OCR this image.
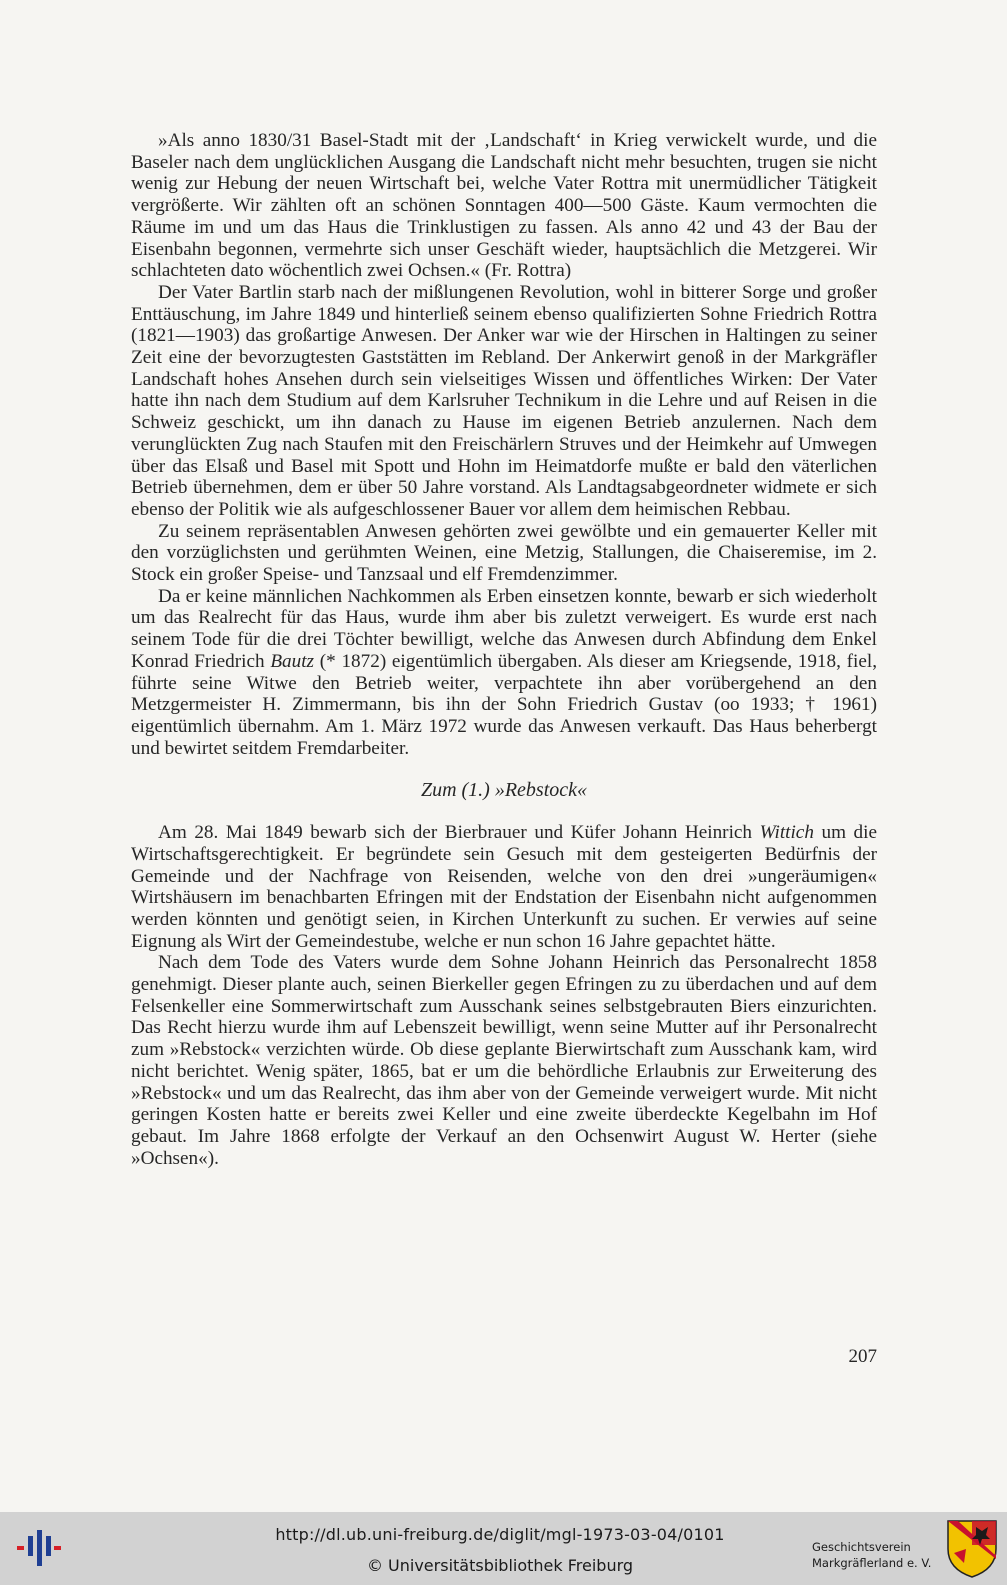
»Als anno 1830/31 Basel-Stadt mit der ‚Landschaft‘ in Krieg verwickelt wurde, und die Baseler nach dem unglücklichen Ausgang die Landschaft nicht mehr besuchten, trugen sie nicht wenig zur Hebung der neuen Wirtschaft bei, welche Vater Rottra mit unermüdlicher Tätigkeit vergrößerte. Wir zählten oft an schönen Sonntagen 400—500 Gäste. Kaum vermochten die Räume im und um das Haus die Trinklustigen zu fassen. Als anno 42 und 43 der Bau der Eisenbahn begonnen, vermehrte sich unser Geschäft wieder, hauptsächlich die Metzgerei. Wir schlachteten dato wöchentlich zwei Ochsen.« (Fr. Rottra)

Der Vater Bartlin starb nach der mißlungenen Revolution, wohl in bitterer Sorge und großer Enttäuschung, im Jahre 1849 und hinterließ seinem ebenso qualifizierten Sohne Friedrich Rottra (1821—1903) das großartige Anwesen. Der Anker war wie der Hirschen in Haltingen zu seiner Zeit eine der bevorzugtesten Gaststätten im Rebland. Der Ankerwirt genoß in der Markgräfler Landschaft hohes Ansehen durch sein vielseitiges Wissen und öffentliches Wirken: Der Vater hatte ihn nach dem Studium auf dem Karlsruher Technikum in die Lehre und auf Reisen in die Schweiz geschickt, um ihn danach zu Hause im eigenen Betrieb anzulernen. Nach dem verunglückten Zug nach Staufen mit den Freischärlern Struves und der Heimkehr auf Umwegen über das Elsaß und Basel mit Spott und Hohn im Heimatdorfe mußte er bald den väterlichen Betrieb übernehmen, dem er über 50 Jahre vorstand. Als Landtagsabgeordneter widmete er sich ebenso der Politik wie als aufgeschlossener Bauer vor allem dem heimischen Rebbau.

Zu seinem repräsentablen Anwesen gehörten zwei gewölbte und ein gemauerter Keller mit den vorzüglichsten und gerühmten Weinen, eine Metzig, Stallungen, die Chaiseremise, im 2. Stock ein großer Speise- und Tanzsaal und elf Fremdenzimmer.

Da er keine männlichen Nachkommen als Erben einsetzen konnte, bewarb er sich wiederholt um das Realrecht für das Haus, wurde ihm aber bis zuletzt verweigert. Es wurde erst nach seinem Tode für die drei Töchter bewilligt, welche das Anwesen durch Abfindung dem Enkel Konrad Friedrich Bautz (* 1872) eigentümlich übergaben. Als dieser am Kriegsende, 1918, fiel, führte seine Witwe den Betrieb weiter, verpachtete ihn aber vorübergehend an den Metzgermeister H. Zimmermann, bis ihn der Sohn Friedrich Gustav (oo 1933; † 1961) eigentümlich übernahm. Am 1. März 1972 wurde das Anwesen verkauft. Das Haus beherbergt und bewirtet seitdem Fremdarbeiter.

Zum (1.) »Rebstock«

Am 28. Mai 1849 bewarb sich der Bierbrauer und Küfer Johann Heinrich Wittich um die Wirtschaftsgerechtigkeit. Er begründete sein Gesuch mit dem gesteigerten Bedürfnis der Gemeinde und der Nachfrage von Reisenden, welche von den drei »ungeräumigen« Wirtshäusern im benachbarten Efringen mit der Endstation der Eisenbahn nicht aufgenommen werden könnten und genötigt seien, in Kirchen Unterkunft zu suchen. Er verwies auf seine Eignung als Wirt der Gemeindestube, welche er nun schon 16 Jahre gepachtet hätte.

Nach dem Tode des Vaters wurde dem Sohne Johann Heinrich das Personalrecht 1858 genehmigt. Dieser plante auch, seinen Bierkeller gegen Efringen zu zu überdachen und auf dem Felsenkeller eine Sommerwirtschaft zum Ausschank seines selbstgebrauten Biers einzurichten. Das Recht hierzu wurde ihm auf Lebenszeit bewilligt, wenn seine Mutter auf ihr Personalrecht zum »Rebstock« verzichten würde. Ob diese geplante Bierwirtschaft zum Ausschank kam, wird nicht berichtet. Wenig später, 1865, bat er um die behördliche Erlaubnis zur Erweiterung des »Rebstock« und um das Realrecht, das ihm aber von der Gemeinde verweigert wurde. Mit nicht geringen Kosten hatte er bereits zwei Keller und eine zweite überdeckte Kegelbahn im Hof gebaut. Im Jahre 1868 erfolgte der Verkauf an den Ochsenwirt August W. Herter (siehe »Ochsen«).

207
http://dl.ub.uni-freiburg.de/diglit/mgl-1973-03-04/0101
© Universitätsbibliothek Freiburg
Geschichtsverein
Markgräflerland e. V.
